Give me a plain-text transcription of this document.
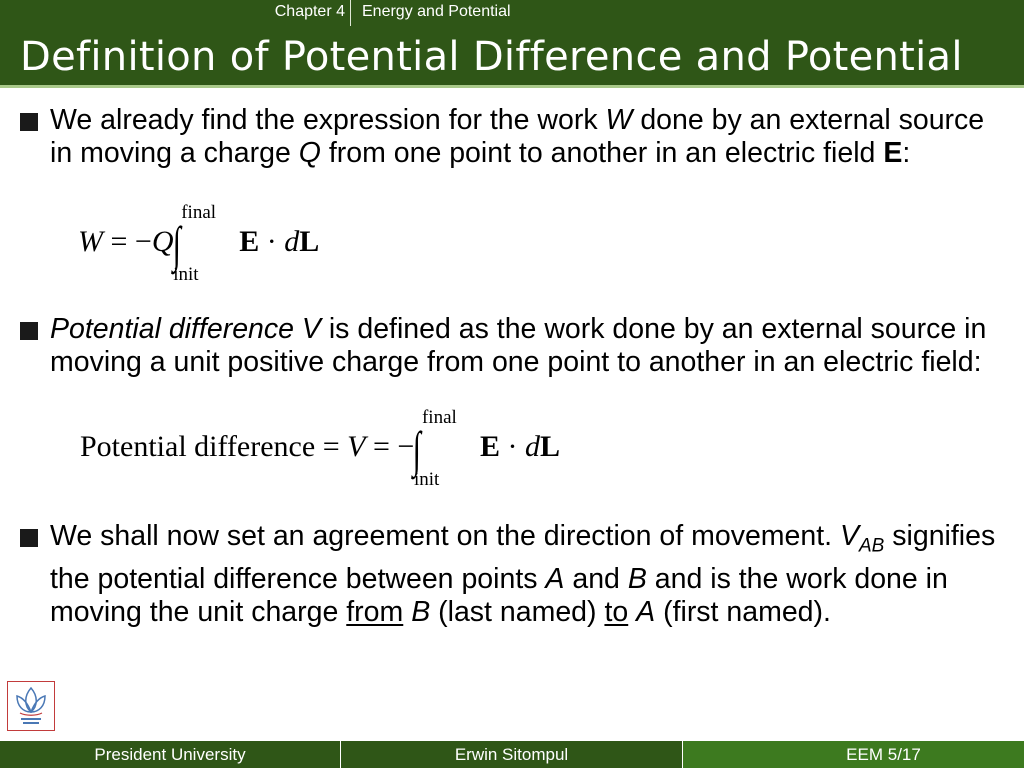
Chapter 4 Energy and Potential
Definition of Potential Difference and Potential

We already find the expression for the work W done by an external source in moving a charge Q from one point to another in an electric field E:

W = −Q∫
final
init
E · dL

Potential difference V is defined as the work done by an external source in moving a unit positive charge from one point to another in an electric field:

Potential difference = V = −∫
final
init
E · dL

We shall now set an agreement on the direction of movement. $V_{AB}$ signifies the potential difference between points A and B and is the work done in moving the unit charge from B (last named) to A (first named).

President University	Erwin Sitompul	EEM 5/17
